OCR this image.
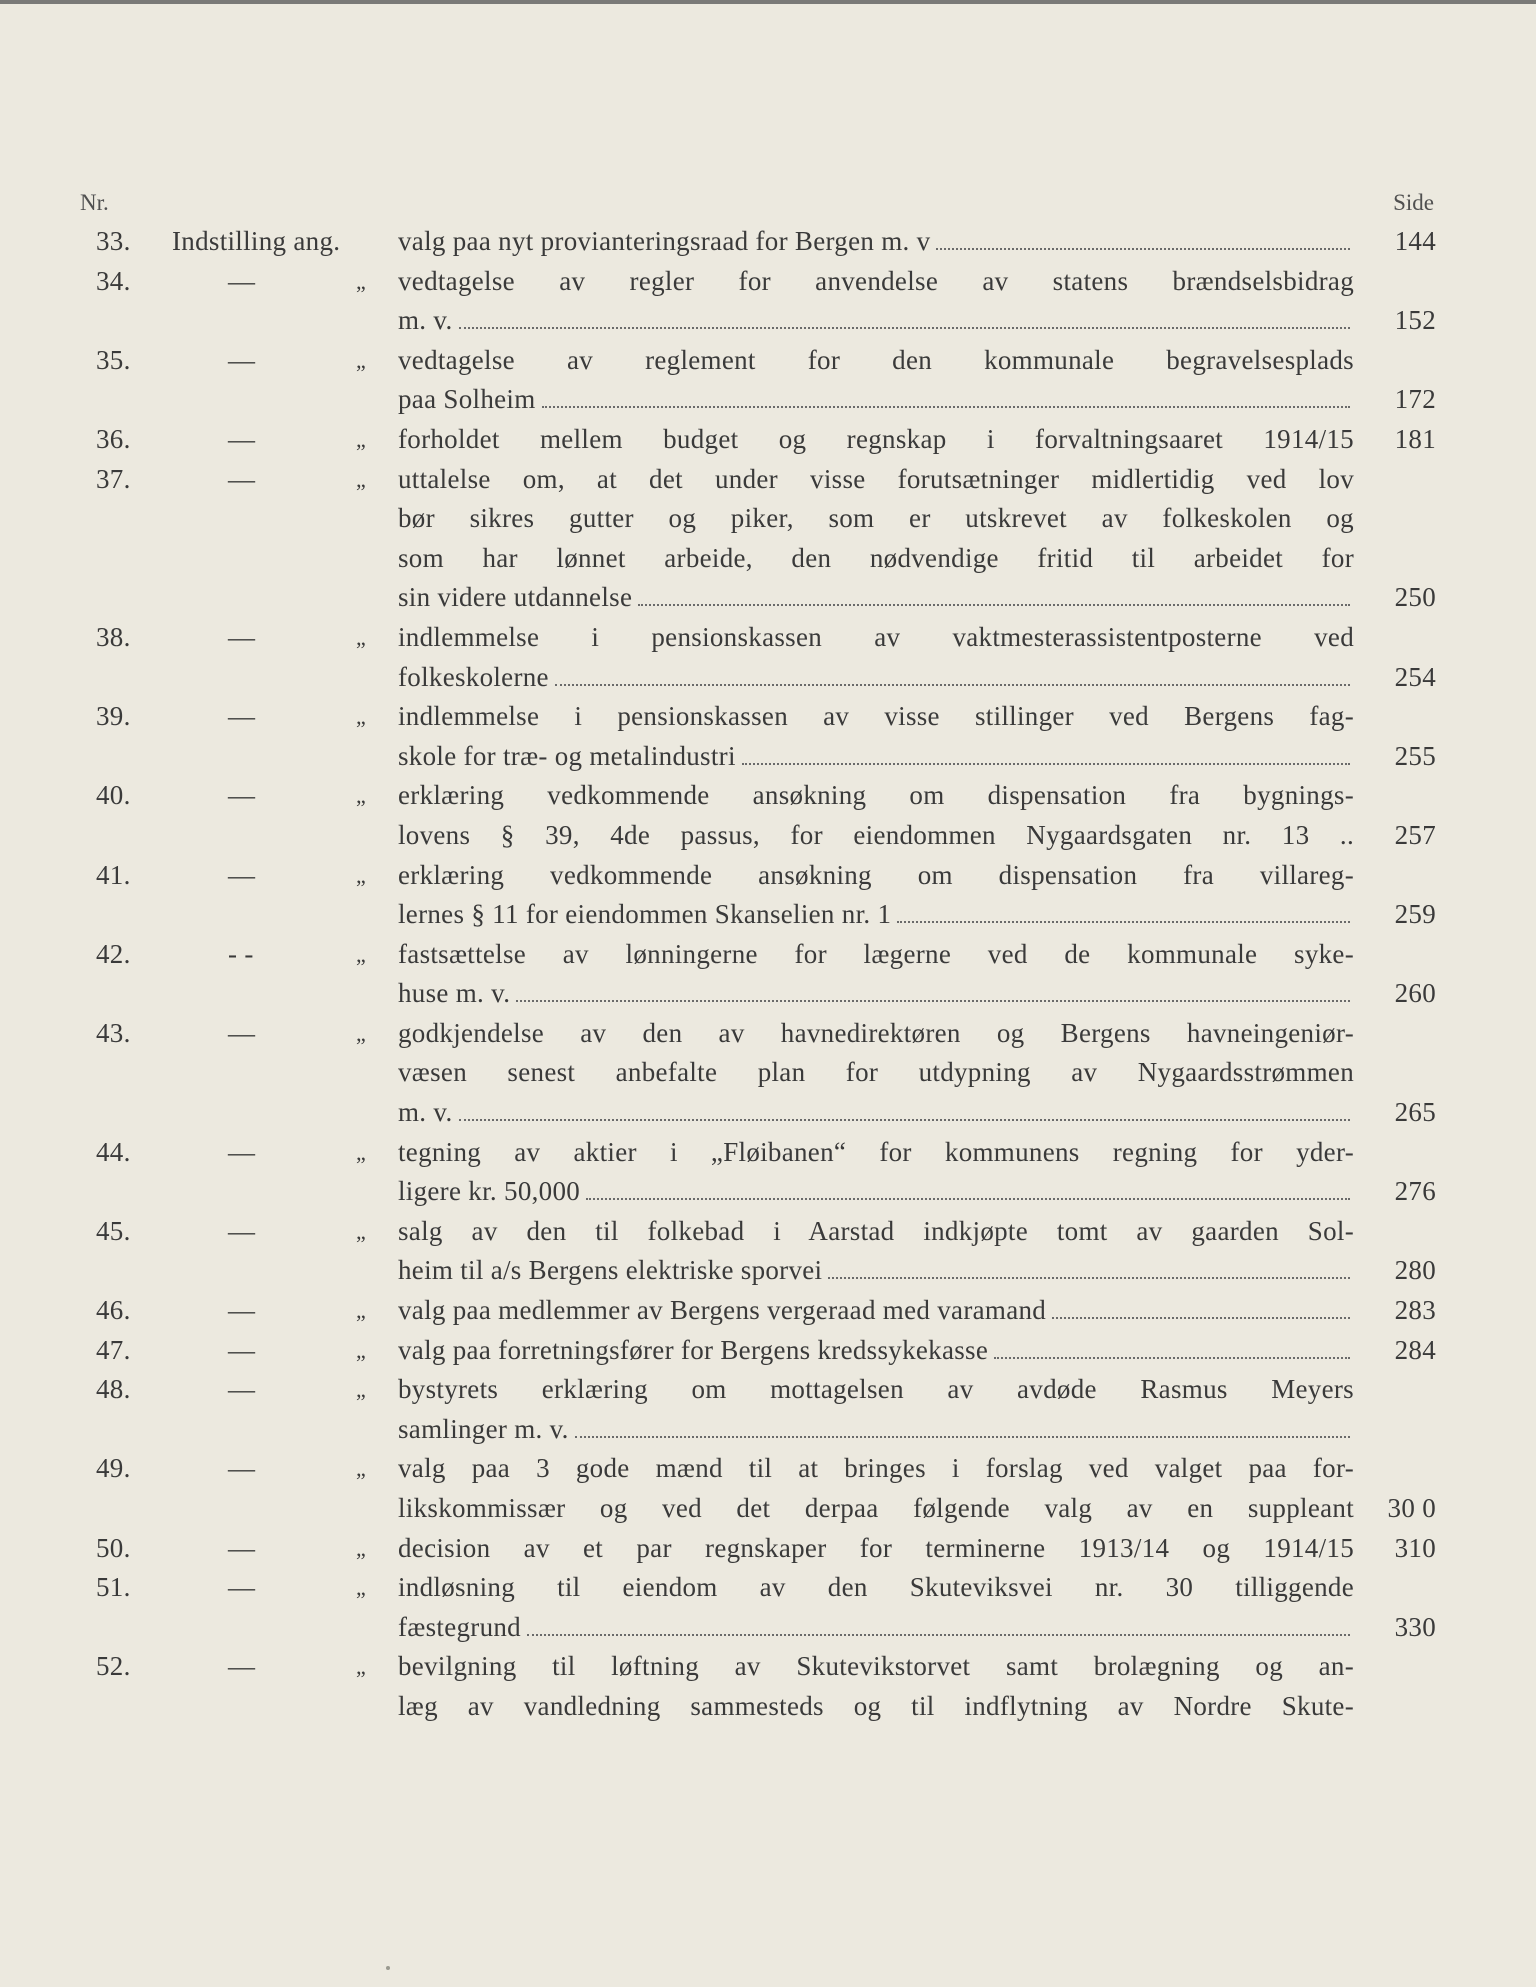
Nr.	Side
33.	Indstilling ang. valg paa nyt provianteringsraad for Bergen m. v	144
34.	—	„ vedtagelse av regler for anvendelse av statens brændselsbidrag
m. v.	152
35.	—	„ vedtagelse av reglement for den kommunale begravelsesplads
paa Solheim	172
36.	—	„ forholdet mellem budget og regnskap i forvaltningsaaret 1914/15 181
37.	—	„ uttalelse om, at det under visse forutsætninger midlertidig ved lov
bør sikres gutter og piker, som er utskrevet av folkeskolen og
som har lønnet arbeide, den nødvendige fritid til arbeidet for
sin videre utdannelse	250
38.	—	„ indlemmelse i pensionskassen av vaktmesterassistentposterne ved
folkeskolerne	254
39.	—	„ indlemmelse i pensionskassen av visse stillinger ved Bergens fag-
skole for træ- og metalindustri	255
40.	—	„ erklæring vedkommende ansøkning om dispensation fra bygnings-
lovens § 39, 4de passus, for eiendommen Nygaardsgaten nr. 13 .. 257
41.	—	„ erklæring vedkommende ansøkning om dispensation fra villareg-
lernes § 11 for eiendommen Skanselien nr. 1	259
42.	- -	„ fastsættelse av lønningerne for lægerne ved de kommunale syke-
huse m. v.	260
43.	—	„ godkjendelse av den av havnedirektøren og Bergens havneingeniør-
væsen senest anbefalte plan for utdypning av Nygaardsstrømmen
m. v.	265
44.	—	„ tegning av aktier i „Fløibanen“ for kommunens regning for yder-
ligere kr. 50,000	276
45.	—	„ salg av den til folkebad i Aarstad indkjøpte tomt av gaarden Sol-
heim til a/s Bergens elektriske sporvei	280
46.	—	„ valg paa medlemmer av Bergens vergeraad med varamand	283
47.	—	„ valg paa forretningsfører for Bergens kredssykekasse	284
48.	—	„ bystyrets erklæring om mottagelsen av avdøde Rasmus Meyers
samlinger m. v.
49.	—	„ valg paa 3 gode mænd til at bringes i forslag ved valget paa for-
likskommissær og ved det derpaa følgende valg av en suppleant 30 0
50.	—	„ decision av et par regnskaper for terminerne 1913/14 og 1914/15 310
51.	—	„ indløsning til eiendom av den Skuteviksvei nr. 30 tilliggende
fæstegrund	330
52.	—	„ bevilgning til løftning av Skutevikstorvet samt brolægning og an-
læg av vandledning sammesteds og til indflytning av Nordre Skute-
